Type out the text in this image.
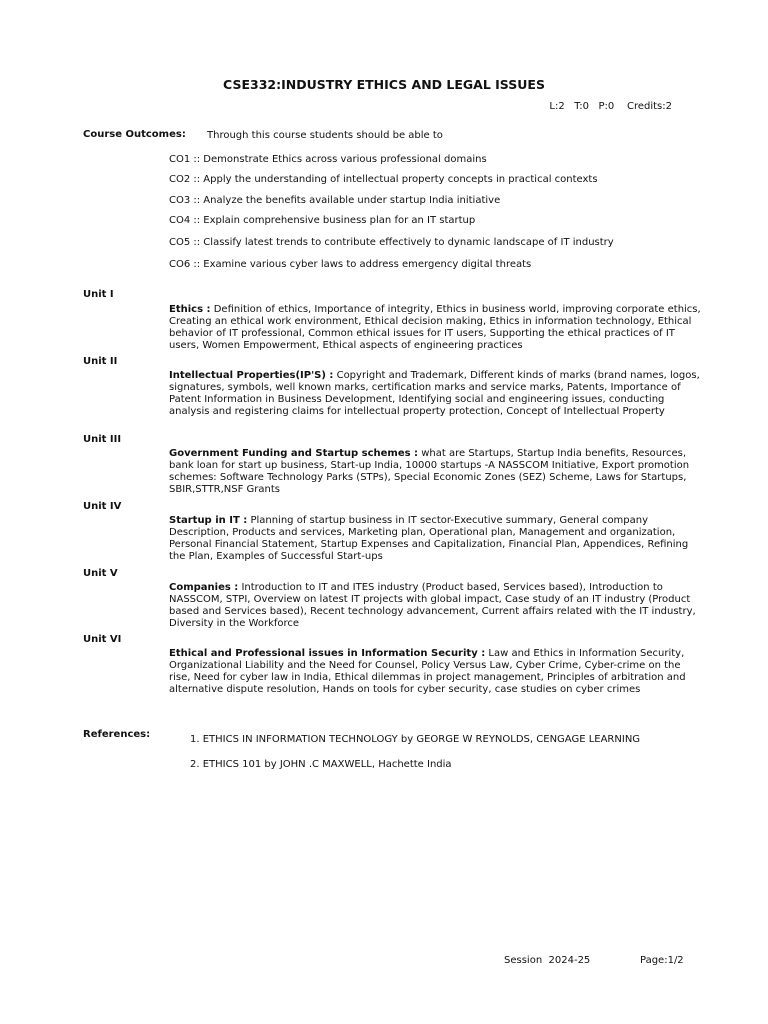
CSE332:INDUSTRY ETHICS AND LEGAL ISSUES
L:2   T:0   P:0    Credits:2
Course Outcomes: Through this course students should be able to
CO1 :: Demonstrate Ethics across various professional domains
CO2 :: Apply the understanding of intellectual property concepts in practical contexts
CO3 :: Analyze the benefits available under startup India initiative
CO4 :: Explain comprehensive business plan for an IT startup
CO5 :: Classify latest trends to contribute effectively to dynamic landscape of IT industry
CO6 :: Examine various cyber laws to address emergency digital threats
Unit I
Ethics : Definition of ethics, Importance of integrity, Ethics in business world, improving corporate ethics, Creating an ethical work environment, Ethical decision making, Ethics in information technology, Ethical behavior of IT professional, Common ethical issues for IT users, Supporting the ethical practices of IT users, Women Empowerment, Ethical aspects of engineering practices
Unit II
Intellectual Properties(IP'S) : Copyright and Trademark, Different kinds of marks (brand names, logos, signatures, symbols, well known marks, certification marks and service marks, Patents, Importance of Patent Information in Business Development, Identifying social and engineering issues, conducting analysis and registering claims for intellectual property protection, Concept of Intellectual Property
Unit III
Government Funding and Startup schemes : what are Startups, Startup India benefits, Resources, bank loan for start up business, Start-up India, 10000 startups -A NASSCOM Initiative, Export promotion schemes: Software Technology Parks (STPs), Special Economic Zones (SEZ) Scheme, Laws for Startups, SBIR,STTR,NSF Grants
Unit IV
Startup in IT : Planning of startup business in IT sector-Executive summary, General company Description, Products and services, Marketing plan, Operational plan, Management and organization, Personal Financial Statement, Startup Expenses and Capitalization, Financial Plan, Appendices, Refining the Plan, Examples of Successful Start-ups
Unit V
Companies : Introduction to IT and ITES industry (Product based, Services based), Introduction to NASSCOM, STPI, Overview on latest IT projects with global impact, Case study of an IT industry (Product based and Services based), Recent technology advancement, Current affairs related with the IT industry, Diversity in the Workforce
Unit VI
Ethical and Professional issues in Information Security : Law and Ethics in Information Security, Organizational Liability and the Need for Counsel, Policy Versus Law, Cyber Crime, Cyber-crime on the rise, Need for cyber law in India, Ethical dilemmas in project management, Principles of arbitration and alternative dispute resolution, Hands on tools for cyber security, case studies on cyber crimes
References:	1. ETHICS IN INFORMATION TECHNOLOGY by GEORGE W REYNOLDS, CENGAGE LEARNING
2. ETHICS 101 by JOHN .C MAXWELL, Hachette India
Session  2024-25	Page:1/2
